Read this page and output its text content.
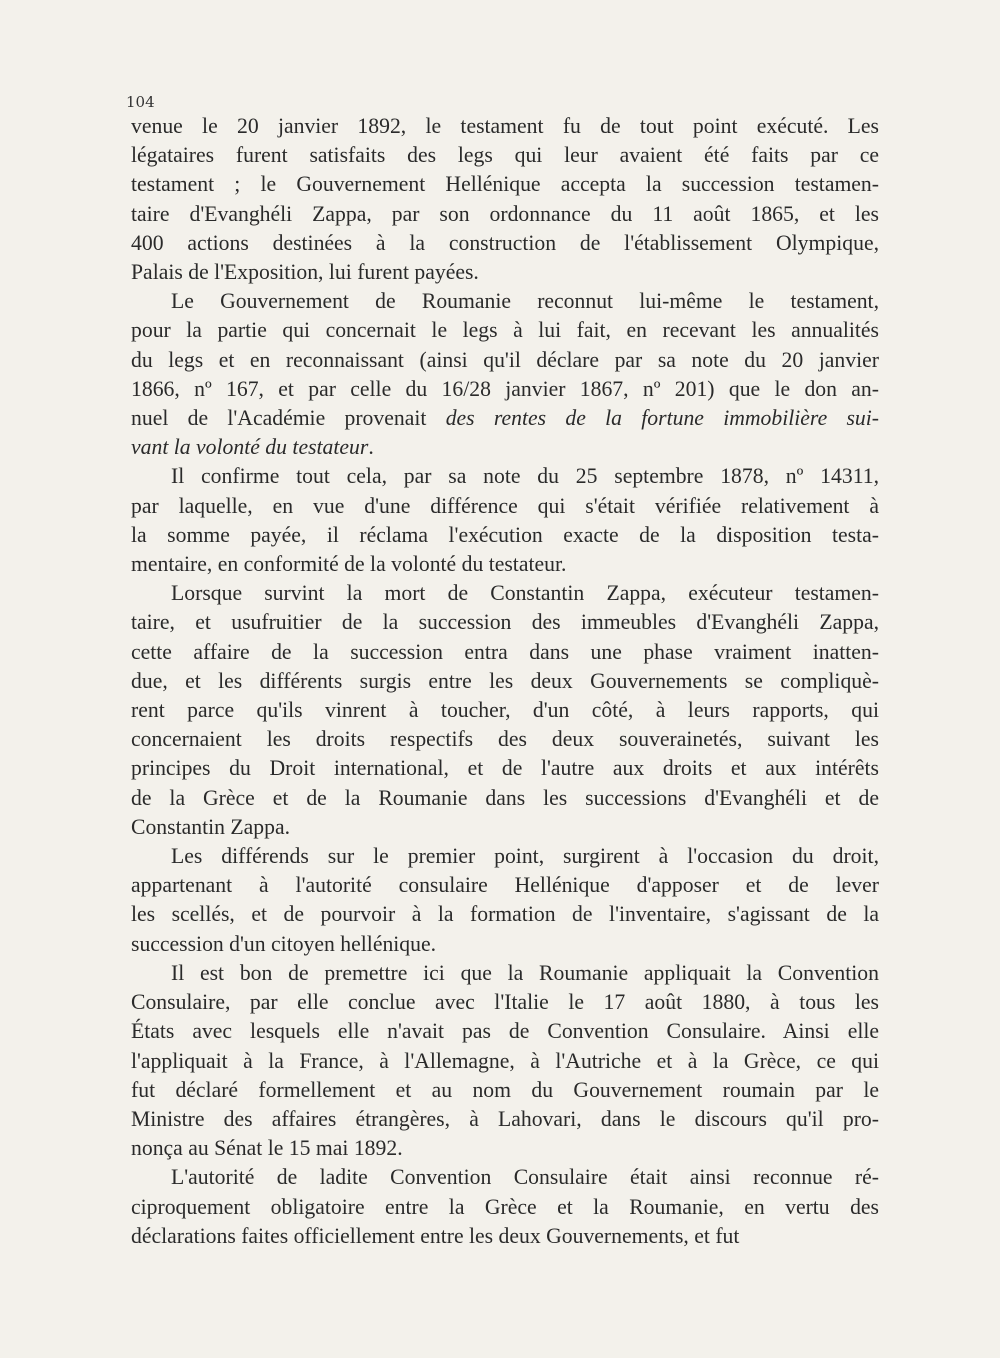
104
venue le 20 janvier 1892, le testament fu de tout point exécuté. Les
légataires furent satisfaits des legs qui leur avaient été faits par ce
testament ; le Gouvernement Hellénique accepta la succession testamen-
taire d'Evanghéli Zappa, par son ordonnance du 11 août 1865, et les
400 actions destinées à la construction de l'établissement Olympique,
Palais de l'Exposition, lui furent payées.
Le Gouvernement de Roumanie reconnut lui-même le testament,
pour la partie qui concernait le legs à lui fait, en recevant les annualités
du legs et en reconnaissant (ainsi qu'il déclare par sa note du 20 janvier
1866, nº 167, et par celle du 16/28 janvier 1867, nº 201) que le don an-
nuel de l'Académie provenait des rentes de la fortune immobilière sui-
vant la volonté du testateur.
Il confirme tout cela, par sa note du 25 septembre 1878, nº 14311,
par laquelle, en vue d'une différence qui s'était vérifiée relativement à
la somme payée, il réclama l'exécution exacte de la disposition testa-
mentaire, en conformité de la volonté du testateur.
Lorsque survint la mort de Constantin Zappa, exécuteur testamen-
taire, et usufruitier de la succession des immeubles d'Evanghéli Zappa,
cette affaire de la succession entra dans une phase vraiment inatten-
due, et les différents surgis entre les deux Gouvernements se compliquè-
rent parce qu'ils vinrent à toucher, d'un côté, à leurs rapports, qui
concernaient les droits respectifs des deux souverainetés, suivant les
principes du Droit international, et de l'autre aux droits et aux intérêts
de la Grèce et de la Roumanie dans les successions d'Evanghéli et de
Constantin Zappa.
Les différends sur le premier point, surgirent à l'occasion du droit,
appartenant à l'autorité consulaire Hellénique d'apposer et de lever
les scellés, et de pourvoir à la formation de l'inventaire, s'agissant de la
succession d'un citoyen hellénique.
Il est bon de premettre ici que la Roumanie appliquait la Convention
Consulaire, par elle conclue avec l'Italie le 17 août 1880, à tous les
États avec lesquels elle n'avait pas de Convention Consulaire. Ainsi elle
l'appliquait à la France, à l'Allemagne, à l'Autriche et à la Grèce, ce qui
fut déclaré formellement et au nom du Gouvernement roumain par le
Ministre des affaires étrangères, à Lahovari, dans le discours qu'il pro-
nonça au Sénat le 15 mai 1892.
L'autorité de ladite Convention Consulaire était ainsi reconnue ré-
ciproquement obligatoire entre la Grèce et la Roumanie, en vertu des
déclarations faites officiellement entre les deux Gouvernements, et fut
